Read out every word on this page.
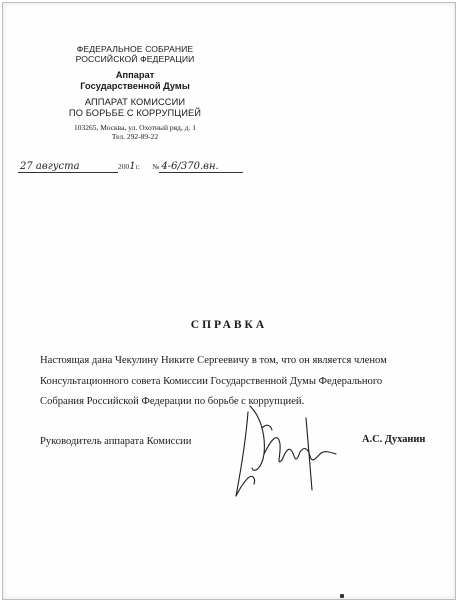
ФЕДЕРАЛЬНОЕ СОБРАНИЕ
РОССИЙСКОЙ ФЕДЕРАЦИИ
Аппарат
Государственной Думы
АППАРАТ КОМИССИИ
ПО БОРЬБЕ С КОРРУПЦИЕЙ
103265, Москва, ул. Охотный ряд, д. 1
Тел. 292-89-22
27 августа	2001г. № 4-6/370.вн.
СПРАВКА
Настоящая дана Чекулину Никите Сергеевичу в том, что он является членом
Консультационного совета Комиссии Государственной Думы Федерального
Собрания Российской Федерации по борьбе с коррупцией.
Руководитель аппарата Комиссии	А.С. Духанин
